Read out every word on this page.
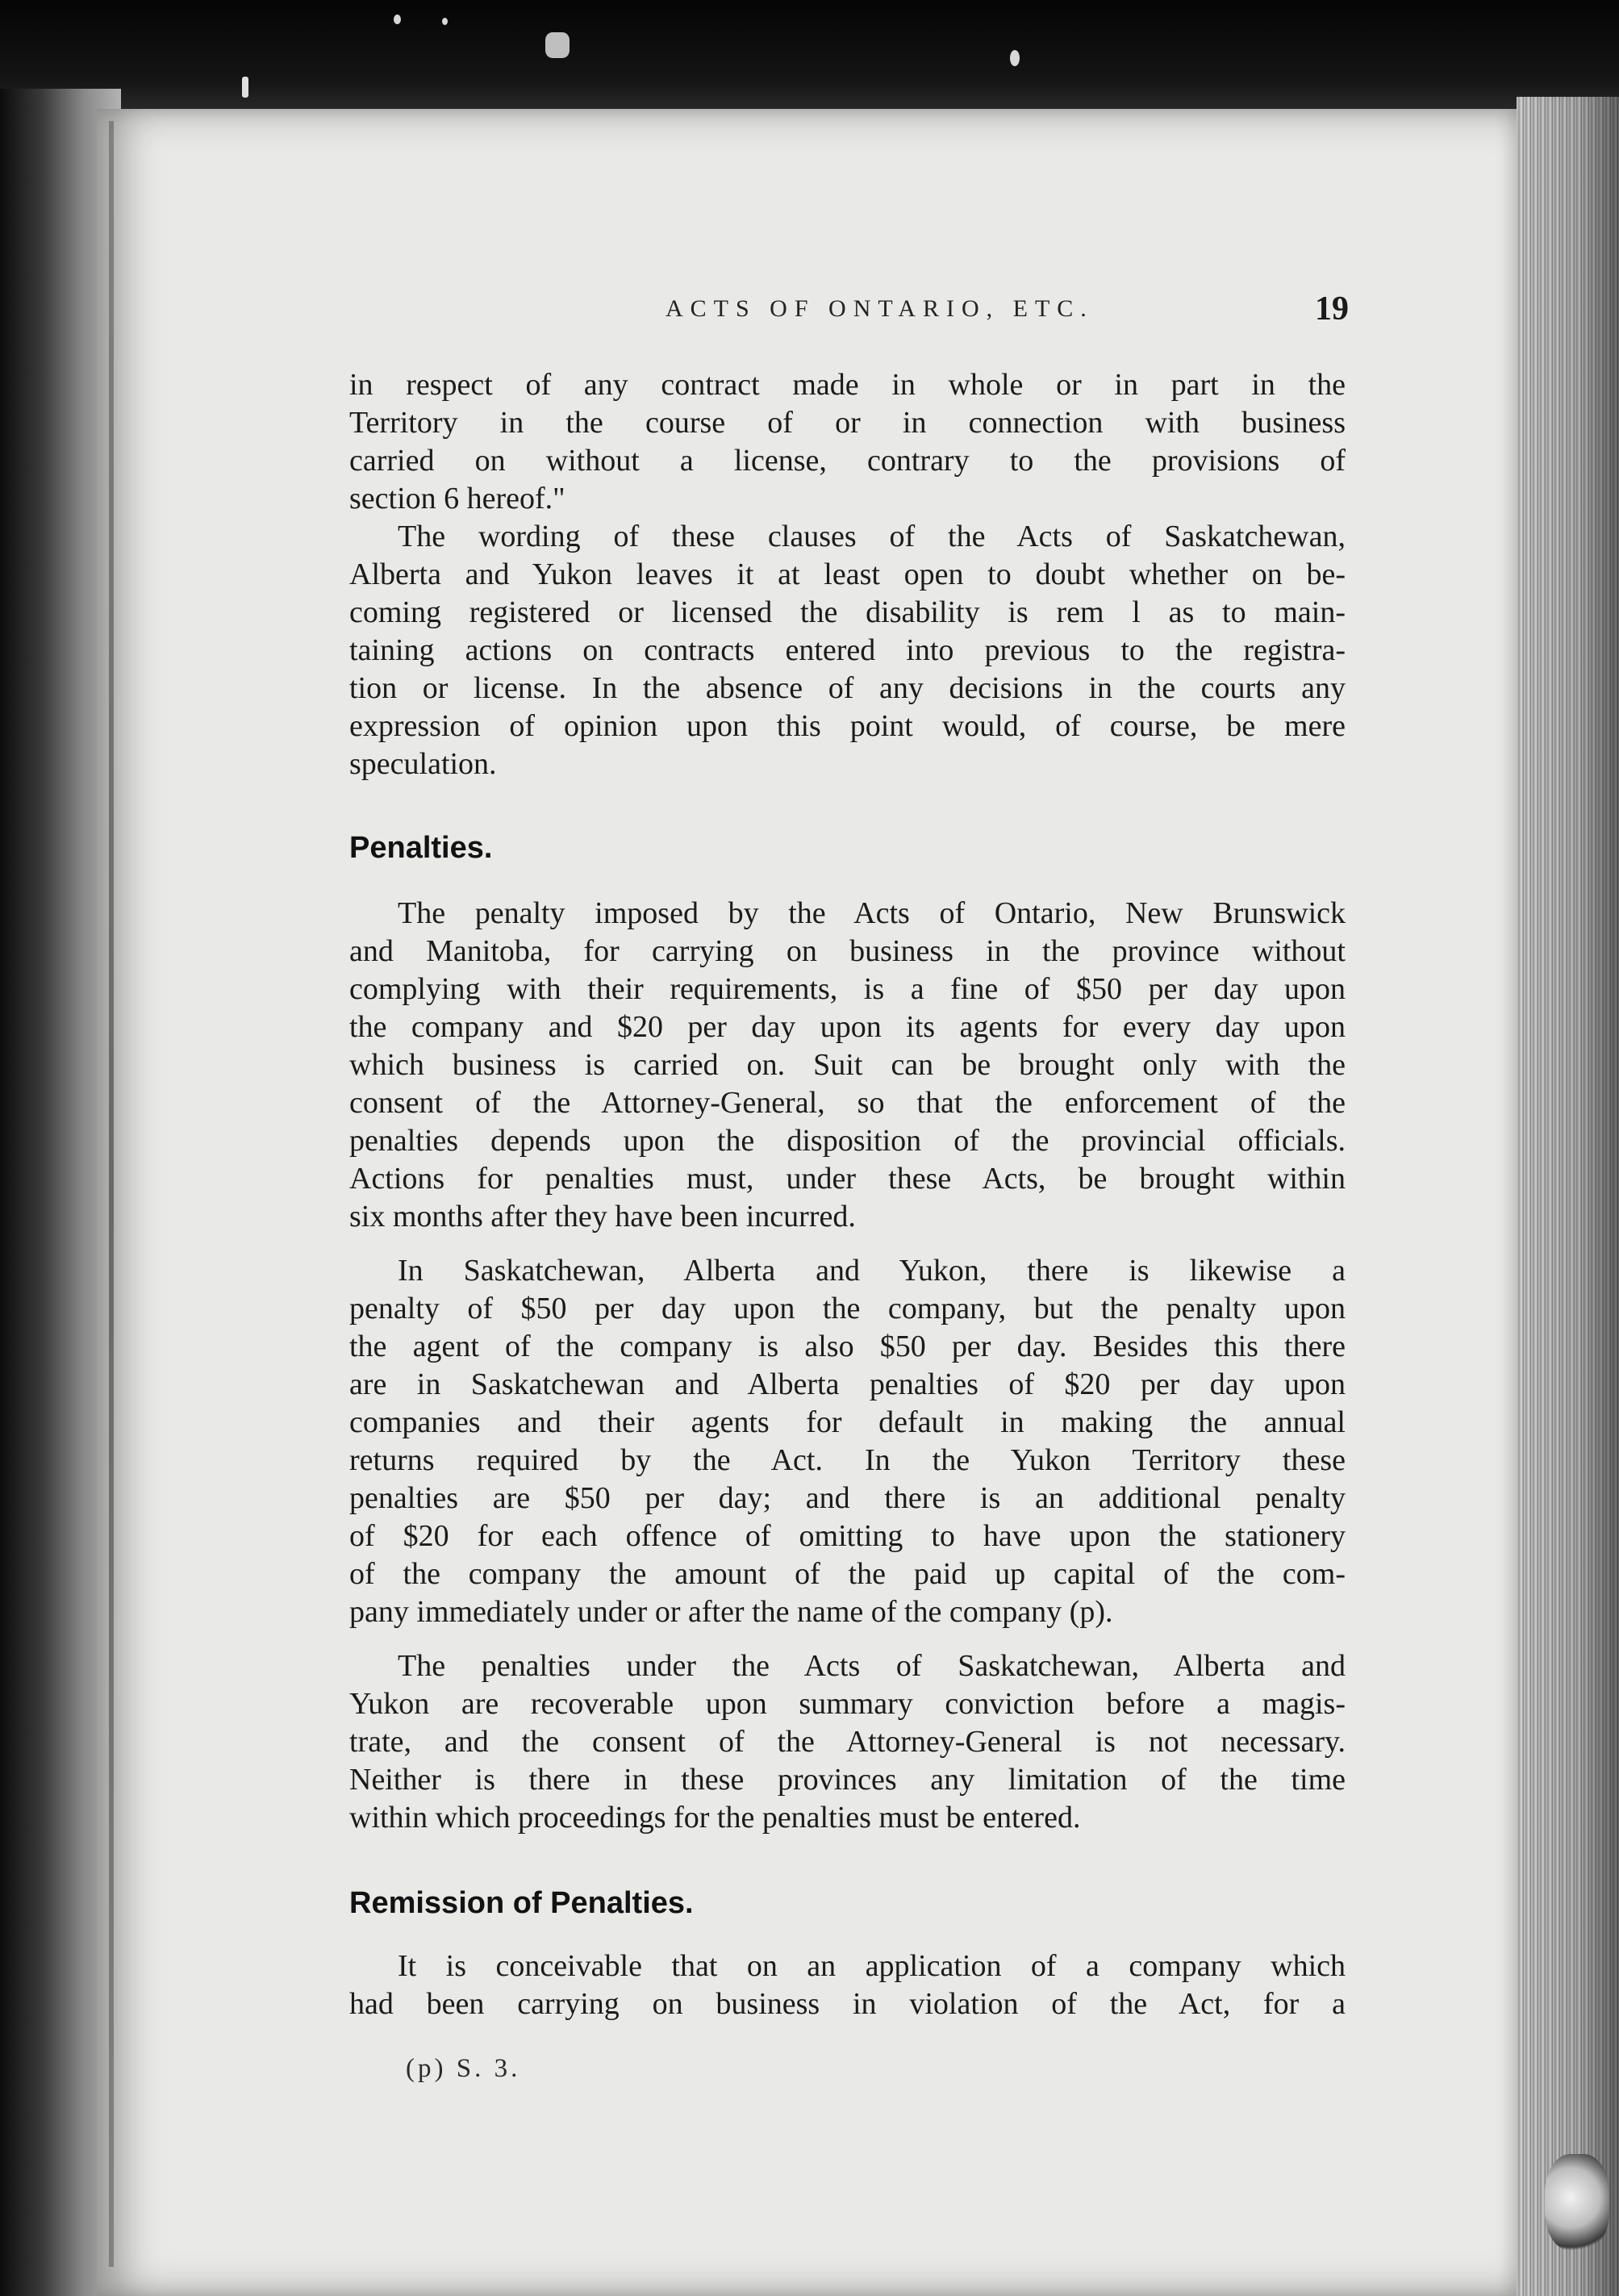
ACTS OF ONTARIO, ETC.	19
in respect of any contract made in whole or in part in the
Territory in the course of or in connection with business
carried on without a license, contrary to the provisions of
section 6 hereof."
The wording of these clauses of the Acts of Saskatchewan,
Alberta and Yukon leaves it at least open to doubt whether on be-
coming registered or licensed the disability is rem l as to main-
taining actions on contracts entered into previous to the registra-
tion or license. In the absence of any decisions in the courts any
expression of opinion upon this point would, of course, be mere
speculation.
Penalties.
The penalty imposed by the Acts of Ontario, New Brunswick
and Manitoba, for carrying on business in the province without
complying with their requirements, is a fine of $50 per day upon
the company and $20 per day upon its agents for every day upon
which business is carried on. Suit can be brought only with the
consent of the Attorney-General, so that the enforcement of the
penalties depends upon the disposition of the provincial officials.
Actions for penalties must, under these Acts, be brought within
six months after they have been incurred.
In Saskatchewan, Alberta and Yukon, there is likewise a
penalty of $50 per day upon the company, but the penalty upon
the agent of the company is also $50 per day. Besides this there
are in Saskatchewan and Alberta penalties of $20 per day upon
companies and their agents for default in making the annual
returns required by the Act. In the Yukon Territory these
penalties are $50 per day; and there is an additional penalty
of $20 for each offence of omitting to have upon the stationery
of the company the amount of the paid up capital of the com-
pany immediately under or after the name of the company (p).
The penalties under the Acts of Saskatchewan, Alberta and
Yukon are recoverable upon summary conviction before a magis-
trate, and the consent of the Attorney-General is not necessary.
Neither is there in these provinces any limitation of the time
within which proceedings for the penalties must be entered.
Remission of Penalties.
It is conceivable that on an application of a company which
had been carrying on business in violation of the Act, for a
(p) S. 3.
